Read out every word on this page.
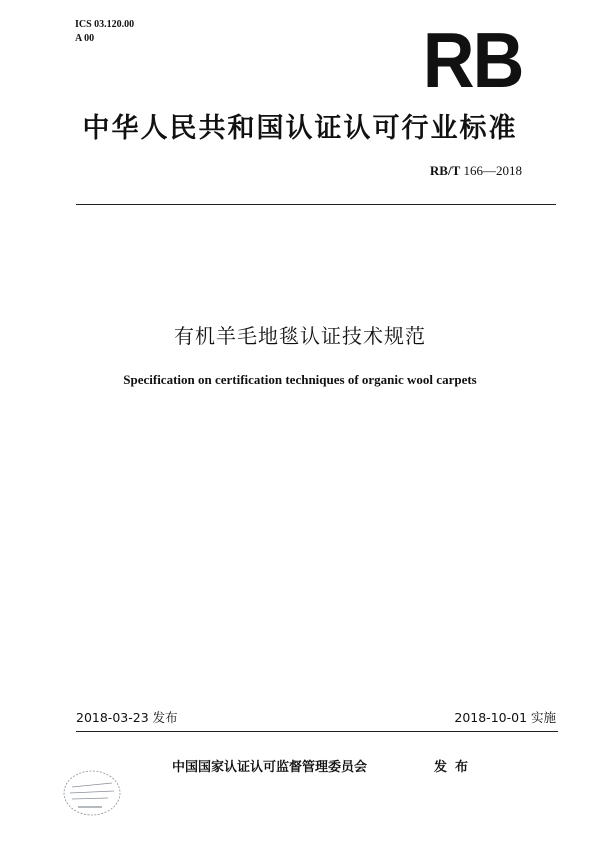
ICS 03.120.00
A 00	RB
中华人民共和国认证认可行业标准
RB/T 166—2018
有机羊毛地毯认证技术规范
Specification on certification techniques of organic wool carpets
2018-03-23 发布	2018-10-01 实施
中国国家认证认可监督管理委员会	发布
